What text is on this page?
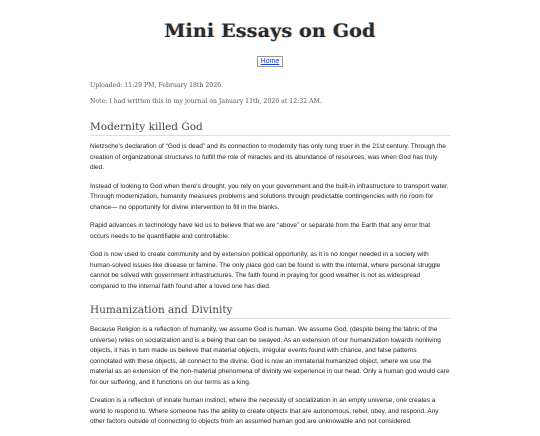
Mini Essays on God
Home

Uploaded: 11:29 PM, February 18th 2026.

Note: I had written this in my journal on January 11th, 2026 at 12:32 AM.

Modernity killed God

Nietzsche's declaration of “God is dead” and its connection to modernity has only rung truer in the 21st century. Through the creation of organizational structures to fulfill the role of miracles and its abundance of resources, was when God has truly died.

Instead of looking to God when there's drought, you rely on your government and the built-in infrastructure to transport water. Through modernization, humanity measures problems and solutions through predictable contingencies with no room for chance— no opportunity for divine intervention to fill in the blanks.

Rapid advances in technology have led us to believe that we are “above” or separate from the Earth that any error that occurs needs to be quantifiable and controllable.

God is now used to create community and by extension political opportunity, as it is no longer needed in a society with human-solved issues like disease or famine. The only place god can be found is with the internal, where personal struggle cannot be solved with government infrastructures. The faith found in praying for good weather is not as widespread compared to the internal faith found after a loved one has died.

Humanization and Divinity

Because Religion is a reflection of humanity, we assume God is human. We assume God, (despite being the fabric of the universe) relies on socialization and is a being that can be swayed. As an extension of our humanization towards nonliving objects, it has in turn made us believe that material objects, irregular events found with chance, and false patterns connotated with these objects, all connect to the divine. God is now an immaterial humanized object, where we use the material as an extension of the non-material phenomena of divinity we experience in our head. Only a human god would care for our suffering, and it functions on our terms as a king.

Creation is a reflection of innate human instinct, where the necessity of socialization in an empty universe, one creates a world to respond to. Where someone has the ability to create objects that are autonomous, rebel, obey, and respond. Any other factors outside of connecting to objects from an assumed human god are unknowable and not considered.
